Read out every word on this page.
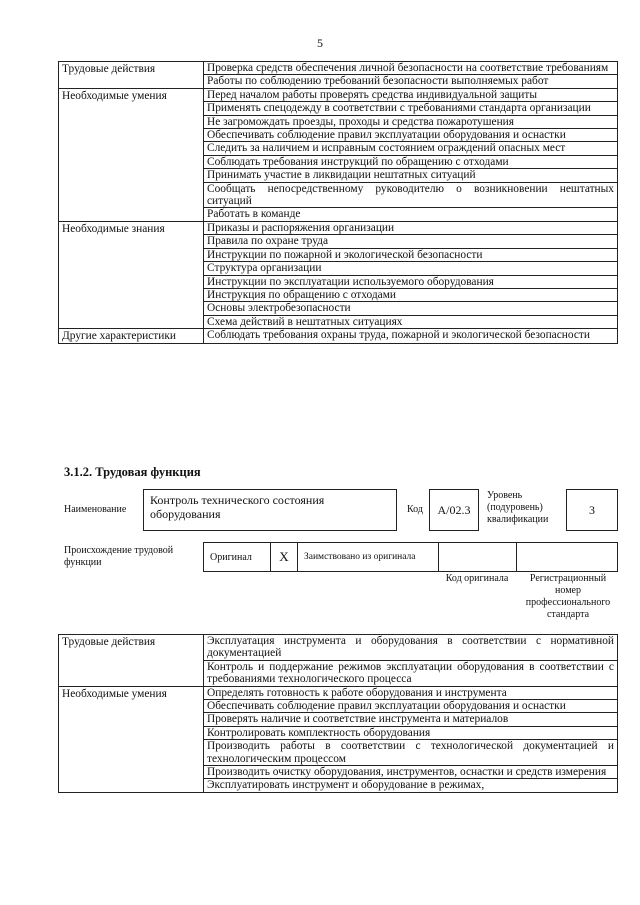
5
Трудовые действия	Проверка средств обеспечения личной безопасности на соответствие требованиям
	Работы по соблюдению требований безопасности выполняемых работ
Необходимые умения	Перед началом работы проверять средства индивидуальной защиты
	Применять спецодежду в соответствии с требованиями стандарта организации
	Не загромождать проезды, проходы и средства пожаротушения
	Обеспечивать соблюдение правил эксплуатации оборудования и оснастки
	Следить за наличием и исправным состоянием ограждений опасных мест
	Соблюдать требования инструкций по обращению с отходами
	Принимать участие в ликвидации нештатных ситуаций
	Сообщать непосредственному руководителю о возникновении нештатных ситуаций
	Работать в команде
Необходимые знания	Приказы и распоряжения организации
	Правила по охране труда
	Инструкции по пожарной и экологической безопасности
	Структура организации
	Инструкции по эксплуатации используемого оборудования
	Инструкция по обращению с отходами
	Основы электробезопасности
	Схема действий в нештатных ситуациях
Другие характеристики	Соблюдать требования охраны труда, пожарной и экологической безопасности
3.1.2. Трудовая функция
Наименование
Контроль технического состояния оборудования	Код А/02.3
Уровень (подуровень) квалификации
3
Происхождение трудовой функции	Оригинал X Заимствовано из оригинала
Код оригинала	Регистрационный номер профессионального стандарта
Трудовые действия	Эксплуатация инструмента и оборудования в соответствии с нормативной документацией
	Контроль и поддержание режимов эксплуатации оборудования в соответствии с требованиями технологического процесса
Необходимые умения	Определять готовность к работе оборудования и инструмента
	Обеспечивать соблюдение правил эксплуатации оборудования и оснастки
	Проверять наличие и соответствие инструмента и материалов
	Контролировать комплектность оборудования
	Производить работы в соответствии с технологической документацией и технологическим процессом
	Производить очистку оборудования, инструментов, оснастки и средств измерения
	Эксплуатировать инструмент и оборудование в режимах,
